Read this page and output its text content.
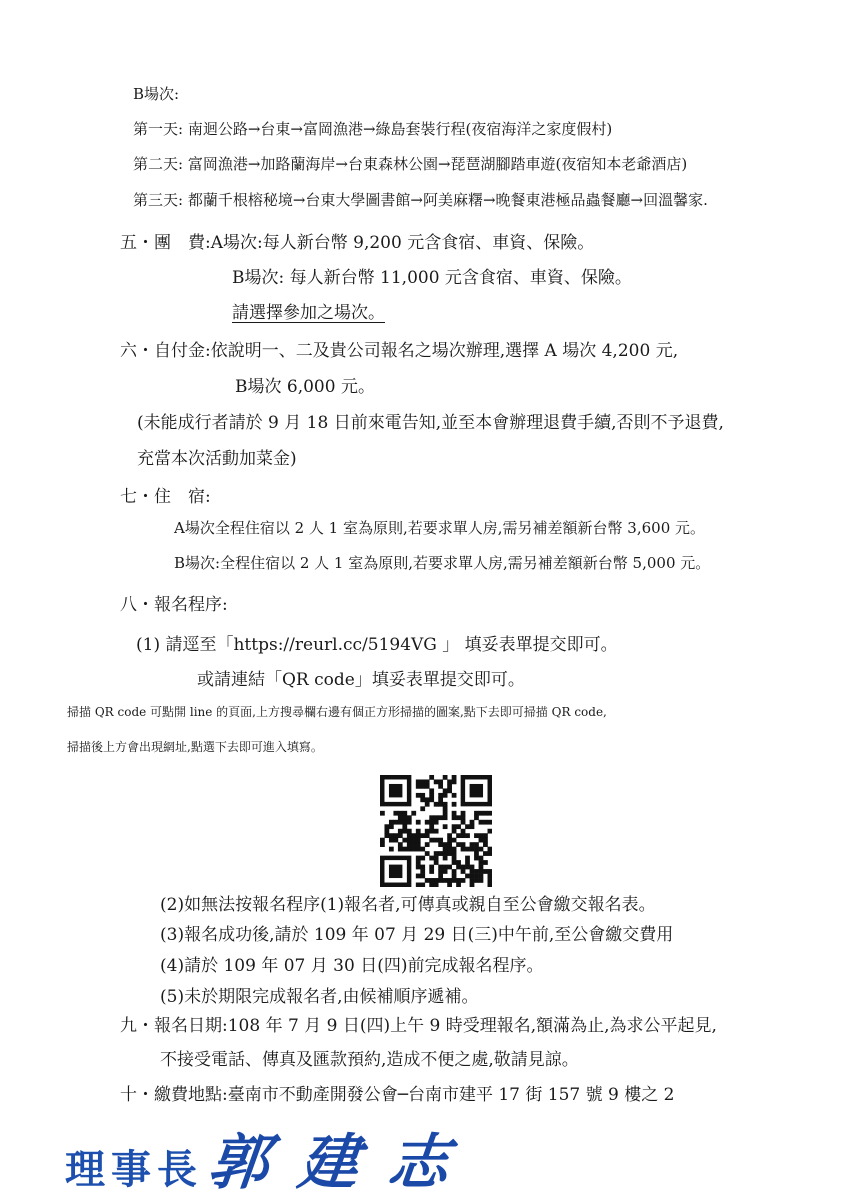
B場次:
第一天: 南迴公路→台東→富岡漁港→綠島套裝行程(夜宿海洋之家度假村)
第二天: 富岡漁港→加路蘭海岸→台東森林公園→琵琶湖腳踏車遊(夜宿知本老爺酒店)
第三天: 都蘭千根榕秘境→台東大學圖書館→阿美麻糬→晚餐東港極品蟲餐廳→回溫馨家.
五・團　費:A場次:每人新台幣 9,200 元含食宿、車資、保險。
B場次: 每人新台幣 11,000 元含食宿、車資、保險。
請選擇參加之場次。
六・自付金:依說明一、二及貴公司報名之場次辦理,選擇 A 場次 4,200 元,
B場次 6,000 元。
(未能成行者請於 9 月 18 日前來電告知,並至本會辦理退費手續,否則不予退費,
充當本次活動加菜金)
七・住　宿:
A場次全程住宿以 2 人 1 室為原則,若要求單人房,需另補差額新台幣 3,600 元。
B場次:全程住宿以 2 人 1 室為原則,若要求單人房,需另補差額新台幣 5,000 元。
八・報名程序:
(1) 請逕至「https://reurl.cc/5194VG 」 填妥表單提交即可。
或請連結「QR code」填妥表單提交即可。
掃描 QR code 可點開 line 的頁面,上方搜尋欄右邊有個正方形掃描的圖案,點下去即可掃描 QR code,
掃描後上方會出現網址,點選下去即可進入填寫。
(2)如無法按報名程序(1)報名者,可傳真或親自至公會繳交報名表。
(3)報名成功後,請於 109 年 07 月 29 日(三)中午前,至公會繳交費用
(4)請於 109 年 07 月 30 日(四)前完成報名程序。
(5)未於期限完成報名者,由候補順序遞補。
九・報名日期:108 年 7 月 9 日(四)上午 9 時受理報名,額滿為止,為求公平起見,
不接受電話、傳真及匯款預約,造成不便之處,敬請見諒。
十・繳費地點:臺南市不動產開發公會─台南市建平 17 街 157 號 9 樓之 2
理事長郭建志
